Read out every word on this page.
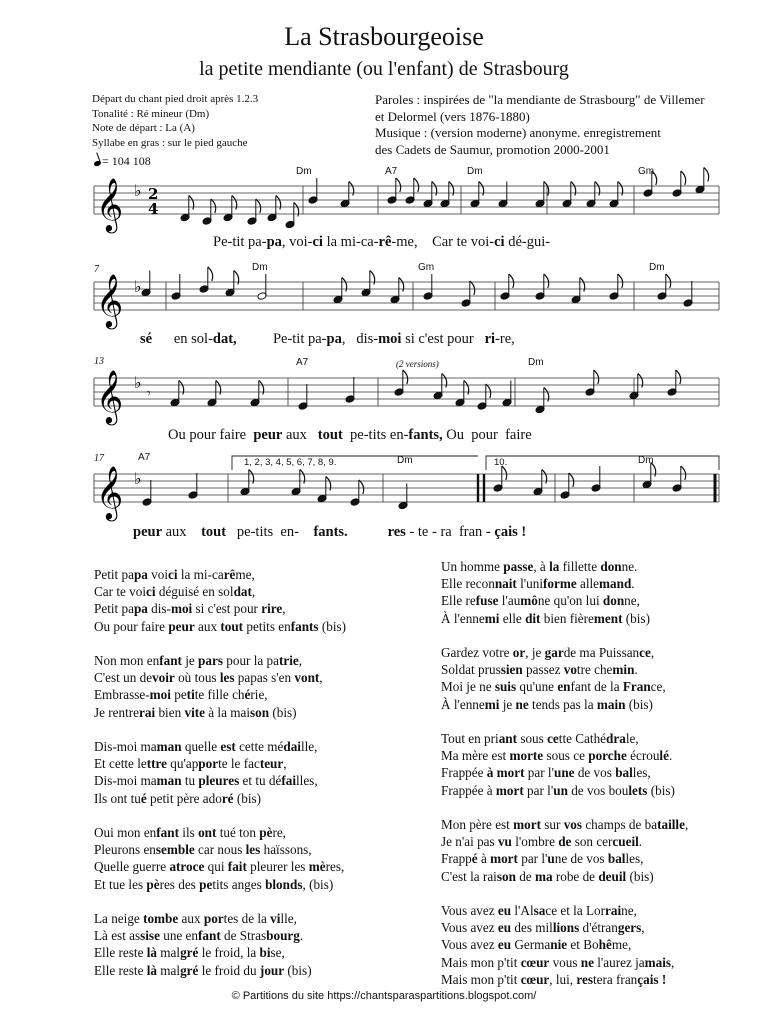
La Strasbourgeoise
la petite mendiante (ou l'enfant) de Strasbourg
Départ du chant pied droit après 1.2.3
Tonalité : Ré mineur (Dm)
Note de départ : La (A)
Syllabe en gras : sur le pied gauche
= 104 108
Paroles : inspirées de "la mendiante de Strasbourg" de Villemer
et Delormel (vers 1876-1880)
Musique : (version moderne) anonyme. enregistrement
des Cadets de Saumur, promotion 2000-2001
𝄞 ♭ 2
4
𝄞 ♭
𝄞 ♭
𝄾
𝄞 ♭
Dm	A7	Dm	Gm
Dm	Gm	Dm
A7	Dm
(2 versions)
A7	Dm	Dm
1, 2, 3, 4, 5, 6, 7, 8, 9.	10.
7
13
17
Pe-tit pa-pa, voi-ci la mi-ca-rê-me,    Car te voi-ci dé-gui-
sé      en sol-dat,          Pe-tit pa-pa,   dis-moi si c'est pour   ri-re,
Ou pour faire  peur aux   tout  pe-tits en-fants, Ou  pour  faire
peur aux    tout   pe-tits  en-    fants.	res - te - ra  fran - çais !
Petit papa voici la mi-carême,
Car te voici déguisé en soldat,
Petit papa dis-moi si c'est pour rire,
Ou pour faire peur aux tout petits enfants (bis)
Non mon enfant je pars pour la patrie,
C'est un devoir où tous les papas s'en vont,
Embrasse-moi petite fille chérie,
Je rentrerai bien vite à la maison (bis)
Dis-moi maman quelle est cette médaille,
Et cette lettre qu'apporte le facteur,
Dis-moi maman tu pleures et tu défailles,
Ils ont tué petit père adoré (bis)
Oui mon enfant ils ont tué ton père,
Pleurons ensemble car nous les haïssons,
Quelle guerre atroce qui fait pleurer les mères,
Et tue les pères des petits anges blonds, (bis)
La neige tombe aux portes de la ville,
Là est assise une enfant de Strasbourg.
Elle reste là malgré le froid, la bise,
Elle reste là malgré le froid du jour (bis)
Un homme passe, à la fillette donne.
Elle reconnait l'uniforme allemand.
Elle refuse l'aumône qu'on lui donne,
À l'ennemi elle dit bien fièrement (bis)
Gardez votre or, je garde ma Puissance,
Soldat prussien passez votre chemin.
Moi je ne suis qu'une enfant de la France,
À l'ennemi je ne tends pas la main (bis)
Tout en priant sous cette Cathédrale,
Ma mère est morte sous ce porche écroulé.
Frappée à mort par l'une de vos balles,
Frappée à mort par l'un de vos boulets (bis)
Mon père est mort sur vos champs de bataille,
Je n'ai pas vu l'ombre de son cercueil.
Frappé à mort par l'une de vos balles,
C'est la raison de ma robe de deuil (bis)
Vous avez eu l'Alsace et la Lorraine,
Vous avez eu des millions d'étrangers,
Vous avez eu Germanie et Bohême,
Mais mon p'tit cœur vous ne l'aurez jamais,
Mais mon p'tit cœur, lui, restera français !
© Partitions du site https://chantsparaspartitions.blogspot.com/
